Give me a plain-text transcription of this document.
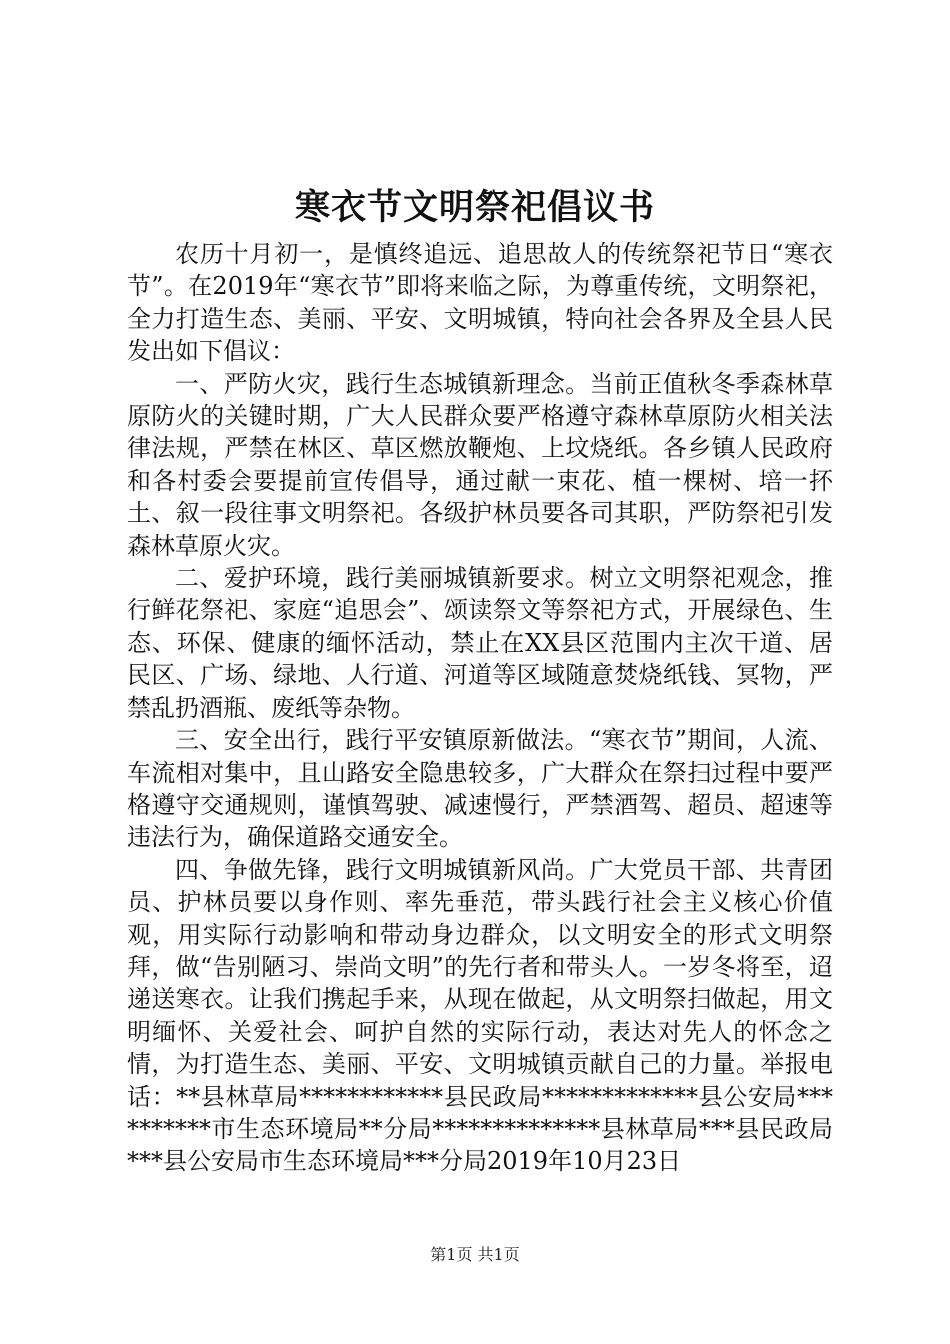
寒衣节文明祭祀倡议书

农历十月初一，是慎终追远、追思故人的传统祭祀节日“寒衣节”。在2019年“寒衣节”即将来临之际，为尊重传统，文明祭祀，全力打造生态、美丽、平安、文明城镇，特向社会各界及全县人民发出如下倡议：

一、严防火灾，践行生态城镇新理念。当前正值秋冬季森林草原防火的关键时期，广大人民群众要严格遵守森林草原防火相关法律法规，严禁在林区、草区燃放鞭炮、上坟烧纸。各乡镇人民政府和各村委会要提前宣传倡导，通过献一束花、植一棵树、培一抔土、叙一段往事文明祭祀。各级护林员要各司其职，严防祭祀引发森林草原火灾。

二、爱护环境，践行美丽城镇新要求。树立文明祭祀观念，推行鲜花祭祀、家庭“追思会”、颂读祭文等祭祀方式，开展绿色、生态、环保、健康的缅怀活动，禁止在XX县区范围内主次干道、居民区、广场、绿地、人行道、河道等区域随意焚烧纸钱、冥物，严禁乱扔酒瓶、废纸等杂物。

三、安全出行，践行平安镇原新做法。“寒衣节”期间，人流、车流相对集中，且山路安全隐患较多，广大群众在祭扫过程中要严格遵守交通规则，谨慎驾驶、减速慢行，严禁酒驾、超员、超速等违法行为，确保道路交通安全。

四、争做先锋，践行文明城镇新风尚。广大党员干部、共青团员、护林员要以身作则、率先垂范，带头践行社会主义核心价值观，用实际行动影响和带动身边群众，以文明安全的形式文明祭拜，做“告别陋习、崇尚文明”的先行者和带头人。一岁冬将至，迢递送寒衣。让我们携起手来，从现在做起，从文明祭扫做起，用文明缅怀、关爱社会、呵护自然的实际行动，表达对先人的怀念之情，为打造生态、美丽、平安、文明城镇贡献自己的力量。举报电话：**县林草局************县民政局*************县公安局**********市生态环境局**分局**************县林草局***县民政局***县公安局市生态环境局***分局2019年10月23日

第1页 共1页
